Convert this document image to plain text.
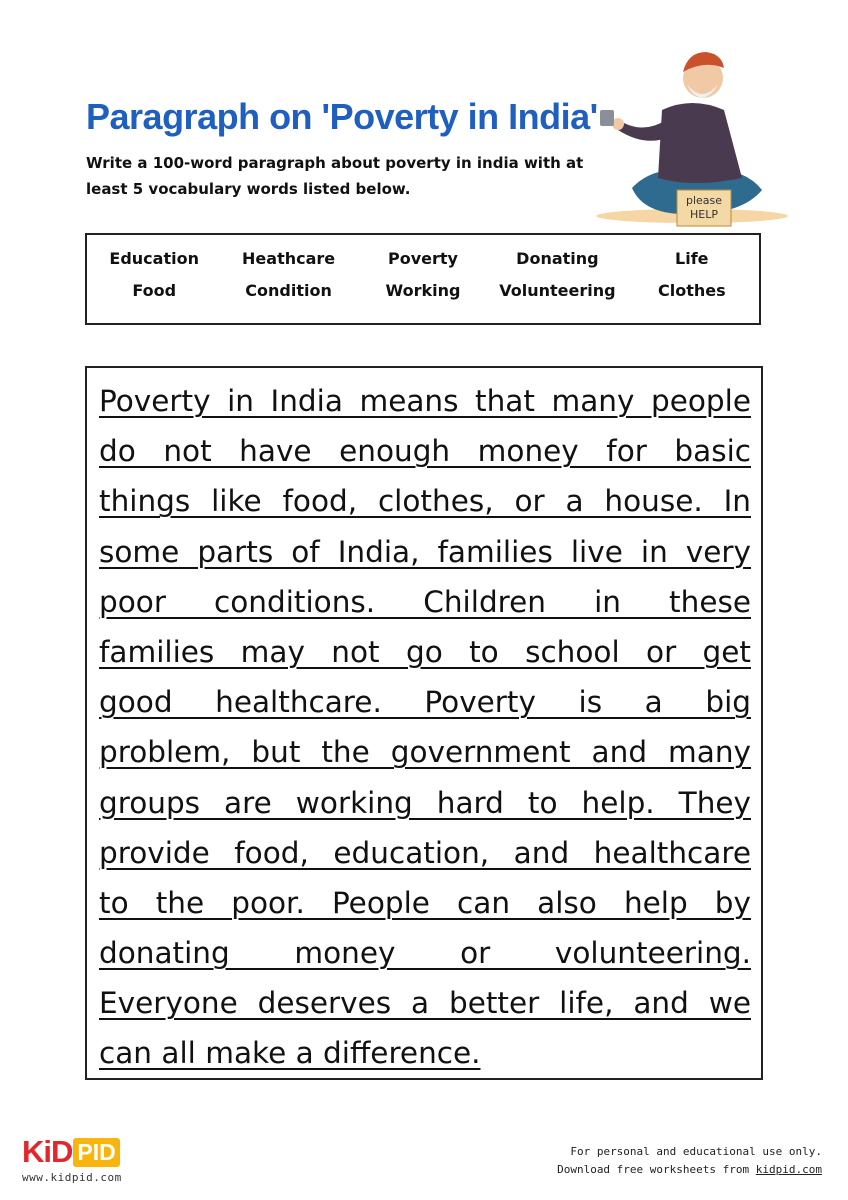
Paragraph on 'Poverty in India'

Write a 100-word paragraph about poverty in india with at least 5 vocabulary words listed below.

please
HELP
Education	Heathcare	Poverty	Donating	Life
Food	Condition	Working	Volunteering	Clothes
Poverty in India means that many people
do not have enough money for basic
things like food, clothes, or a house. In
some parts of India, families live in very
poor conditions. Children in these
families may not go to school or get
good healthcare. Poverty is a big
problem, but the government and many
groups are working hard to help. They
provide food, education, and healthcare
to the poor. People can also help by
donating money or volunteering.
Everyone deserves a better life, and we
can all make a difference.
KiD PID
www.kidpid.com
For personal and educational use only.
Download free worksheets from kidpid.com
